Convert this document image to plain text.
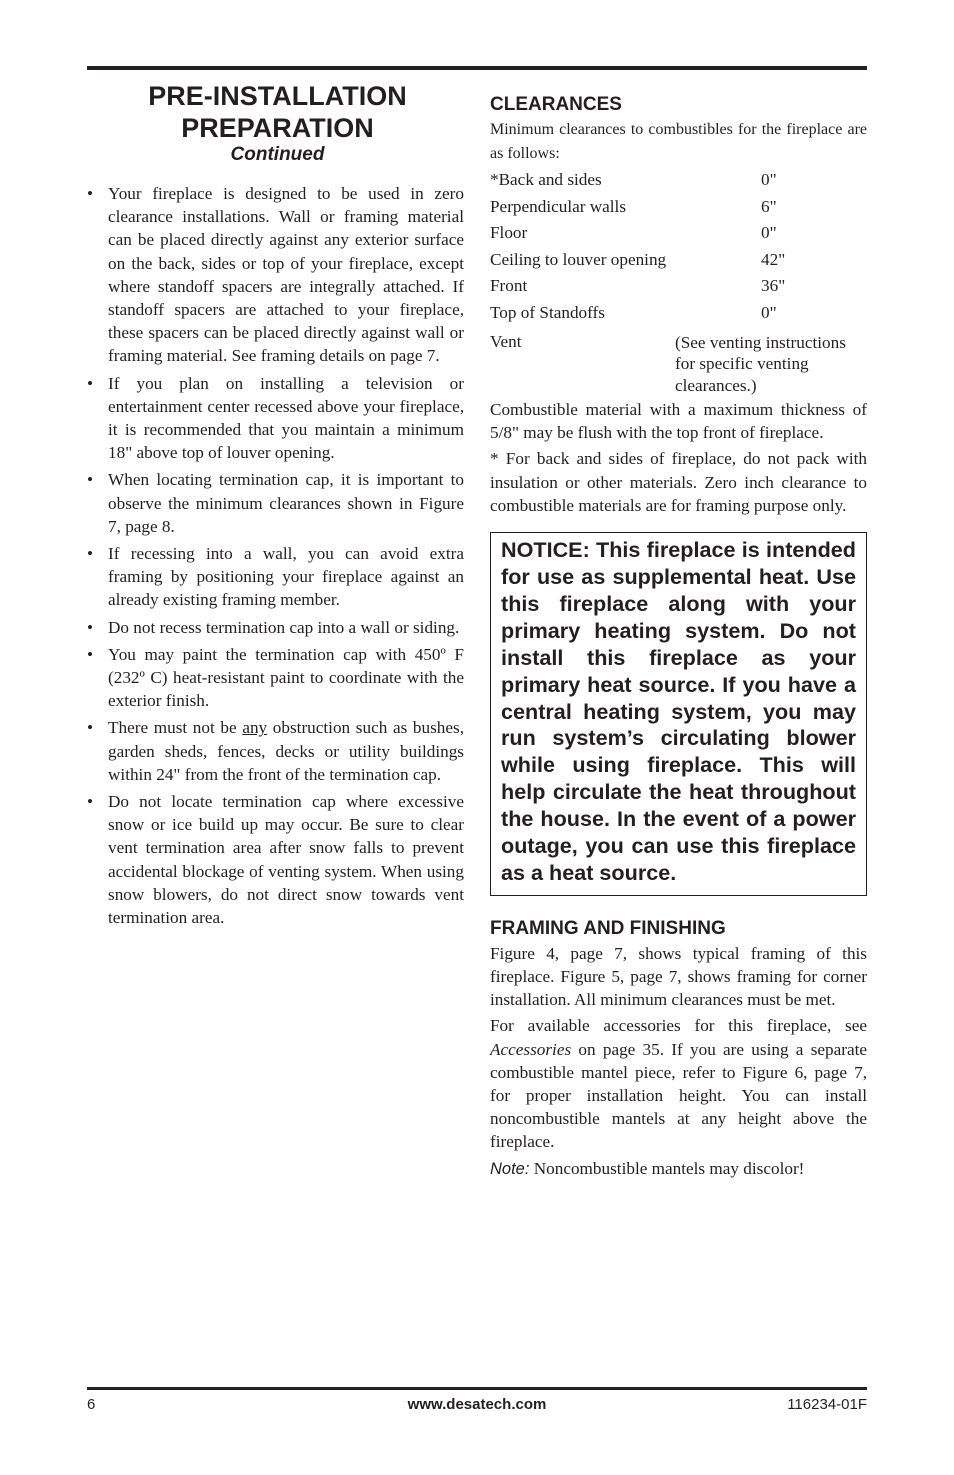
PRE-INSTALLATION
PREPARATION

Continued

• Your fireplace is designed to be used in zero clearance installations. Wall or framing material can be placed directly against any exterior surface on the back, sides or top of your fireplace, except where standoff spacers are integrally attached. If standoff spacers are attached to your fireplace, these spacers can be placed directly against wall or framing material. See framing details on page 7.
• If you plan on installing a television or entertainment center recessed above your fireplace, it is recommended that you maintain a minimum 18" above top of louver opening.
• When locating termination cap, it is important to observe the minimum clearances shown in Figure 7, page 8.
• If recessing into a wall, you can avoid extra framing by positioning your fireplace against an already existing framing member.
• Do not recess termination cap into a wall or siding.
• You may paint the termination cap with 450º F (232º C) heat-resistant paint to coordinate with the exterior finish.
• There must not be any obstruction such as bushes, garden sheds, fences, decks or utility buildings within 24" from the front of the termination cap.
• Do not locate termination cap where excessive snow or ice build up may occur. Be sure to clear vent termination area after snow falls to prevent accidental blockage of venting system. When using snow blowers, do not direct snow towards vent termination area.
CLEARANCES

Minimum clearances to combustibles for the fireplace are as follows:

*Back and sides	0"
Perpendicular walls	6"
Floor	0"
Ceiling to louver opening	42"
Front	36"
Top of Standoffs	0"
Vent	(See venting instructions for specific venting clearances.)

Combustible material with a maximum thickness of 5/8" may be flush with the top front of fireplace.

* For back and sides of fireplace, do not pack with insulation or other materials. Zero inch clearance to combustible materials are for framing purpose only.

NOTICE: This fireplace is intended for use as supplemental heat. Use this fireplace along with your primary heating system. Do not install this fireplace as your primary heat source. If you have a central heating system, you may run system’s circulating blower while using fireplace. This will help circulate the heat throughout the house. In the event of a power outage, you can use this fireplace as a heat source.
FRAMING AND FINISHING

Figure 4, page 7, shows typical framing of this fireplace. Figure 5, page 7, shows framing for corner installation. All minimum clearances must be met.

For available accessories for this fireplace, see Accessories on page 35. If you are using a separate combustible mantel piece, refer to Figure 6, page 7, for proper installation height. You can install noncombustible mantels at any height above the fireplace.

Note: Noncombustible mantels may discolor!

6	www.desatech.com	116234-01F
